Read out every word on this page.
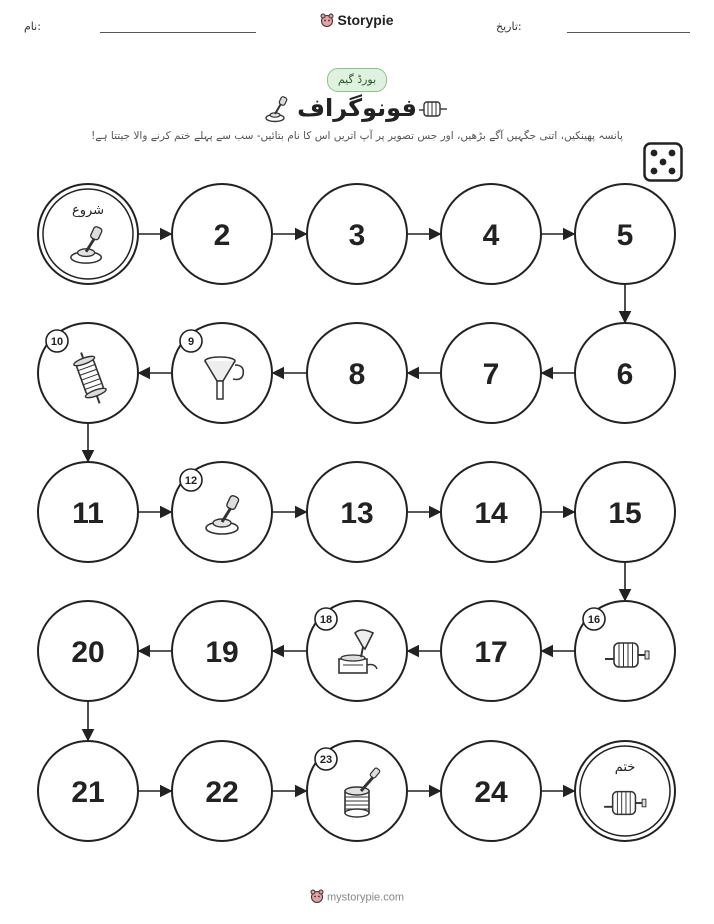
نام:	Storypie	تاریخ:
بورڈ گیم
فونوگراف
پانسہ پھینکیں، اتنی جگہیں آگے بڑھیں، اور جس تصویر پر آپ اتریں اس کا نام بتائیں- سب سے پہلے ختم کرنے والا جیتتا ہے!
شروع
2	3	4	5
6
7
8
9
10
11
12
13	14	15
16
17
18
19
20
21	22
23
24
ختم
mystorypie.com
